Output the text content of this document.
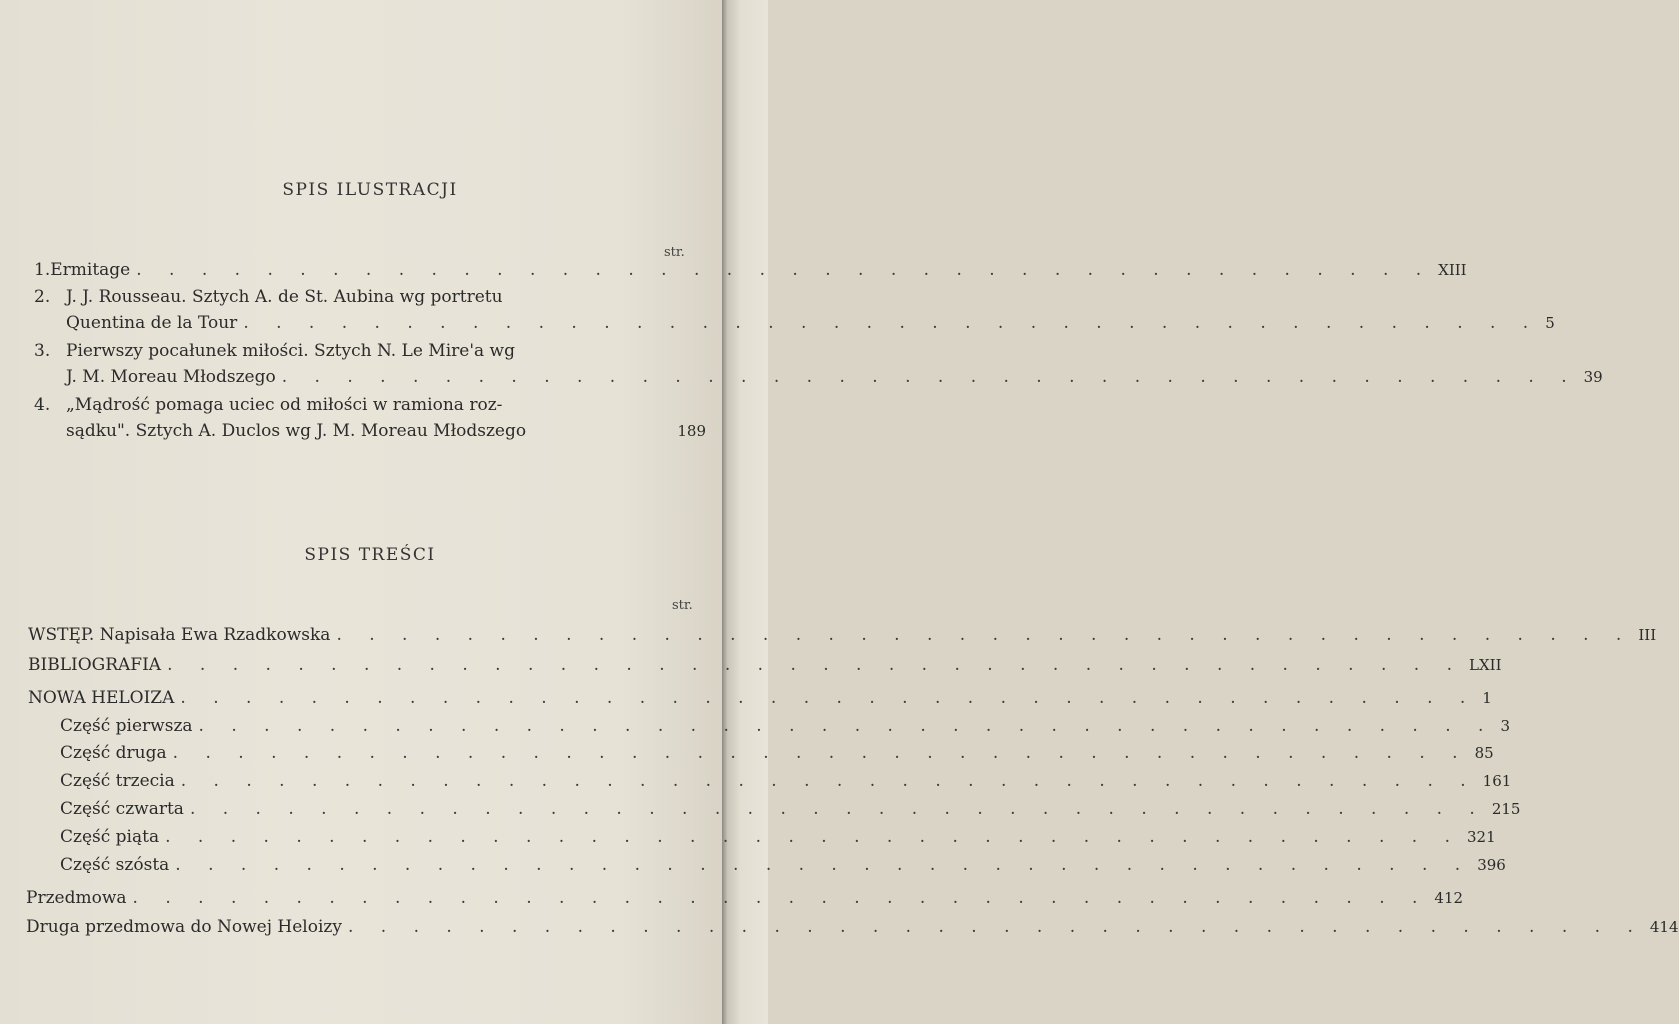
SPIS ILUSTRACJI
str.
1. Ermitage . . . . . . . . . . . . . . . . . . . . . . . . . . . . . . . . . . . . . . . . XIII
2. J. J. Rousseau. Sztych A. de St. Aubina wg portretu
Quentina de la Tour . . . . . . . . . . . . . . . . . . . . . . . . . . . . . . . . . . . . . . . . 5
3. Pierwszy pocałunek miłości. Sztych N. Le Mire'a wg
J. M. Moreau Młodszego . . . . . . . . . . . . . . . . . . . . . . . . . . . . . . . . . . . . . . . . 39
4. „Mądrość pomaga uciec od miłości w ramiona roz-
sądku". Sztych A. Duclos wg J. M. Moreau Młodszego	189
SPIS TREŚCI
str.
WSTĘP. Napisała Ewa Rzadkowska . . . . . . . . . . . . . . . . . . . . . . . . . . . . . . . . . . . . . . . . III
BIBLIOGRAFIA . . . . . . . . . . . . . . . . . . . . . . . . . . . . . . . . . . . . . . . . LXII
NOWA HELOIZA . . . . . . . . . . . . . . . . . . . . . . . . . . . . . . . . . . . . . . . . 1
Część pierwsza . . . . . . . . . . . . . . . . . . . . . . . . . . . . . . . . . . . . . . . . 3
Część druga . . . . . . . . . . . . . . . . . . . . . . . . . . . . . . . . . . . . . . . . 85
Część trzecia . . . . . . . . . . . . . . . . . . . . . . . . . . . . . . . . . . . . . . . . 161
Część czwarta . . . . . . . . . . . . . . . . . . . . . . . . . . . . . . . . . . . . . . . . 215
Część piąta . . . . . . . . . . . . . . . . . . . . . . . . . . . . . . . . . . . . . . . . 321
Część szósta . . . . . . . . . . . . . . . . . . . . . . . . . . . . . . . . . . . . . . . . 396
Przedmowa . . . . . . . . . . . . . . . . . . . . . . . . . . . . . . . . . . . . . . . . 412
Druga przedmowa do Nowej Heloizy . . . . . . . . . . . . . . . . . . . . . . . . . . . . . . . . . . . . . . . . 414
